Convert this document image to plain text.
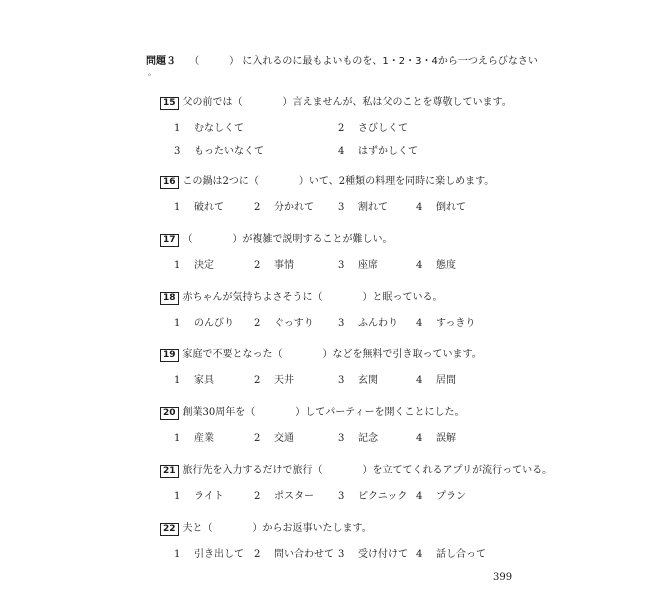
問題３ （　　　） に入れるのに最もよいものを、1・2・3・4から一つえらびなさい
。
15 父の前では（	）言えませんが、私は父のことを尊敬しています。
1 むなしくて	2 さびしくて
3 もったいなくて	4 はずかしくて
16 この鍋は2つに（	）いて、2種類の料理を同時に楽しめます。
1 破れて	2 分かれて 3 割れて	4 倒れて
17 （	）が複雑で説明することが難しい。
1 決定	2 事情	3 座席	4 態度
18 赤ちゃんが気持ちよさそうに（	）と眠っている。
1 のんびり 2 ぐっすり 3 ふんわり 4 すっきり
19 家庭で不要となった（	）などを無料で引き取っています。
1 家具	2 天井	3 玄関	4 居間
20 創業30周年を（	）してパーティーを開くことにした。
1 産業	2 交通	3 記念	4 誤解
21 旅行先を入力するだけで旅行（	）を立ててくれるアプリが流行っている。
1 ライト	2 ポスター 3 ピクニック 4 プラン
22 夫と（	）からお返事いたします。
1 引き出して 2 問い合わせて 3 受け付けて 4 話し合って
399
